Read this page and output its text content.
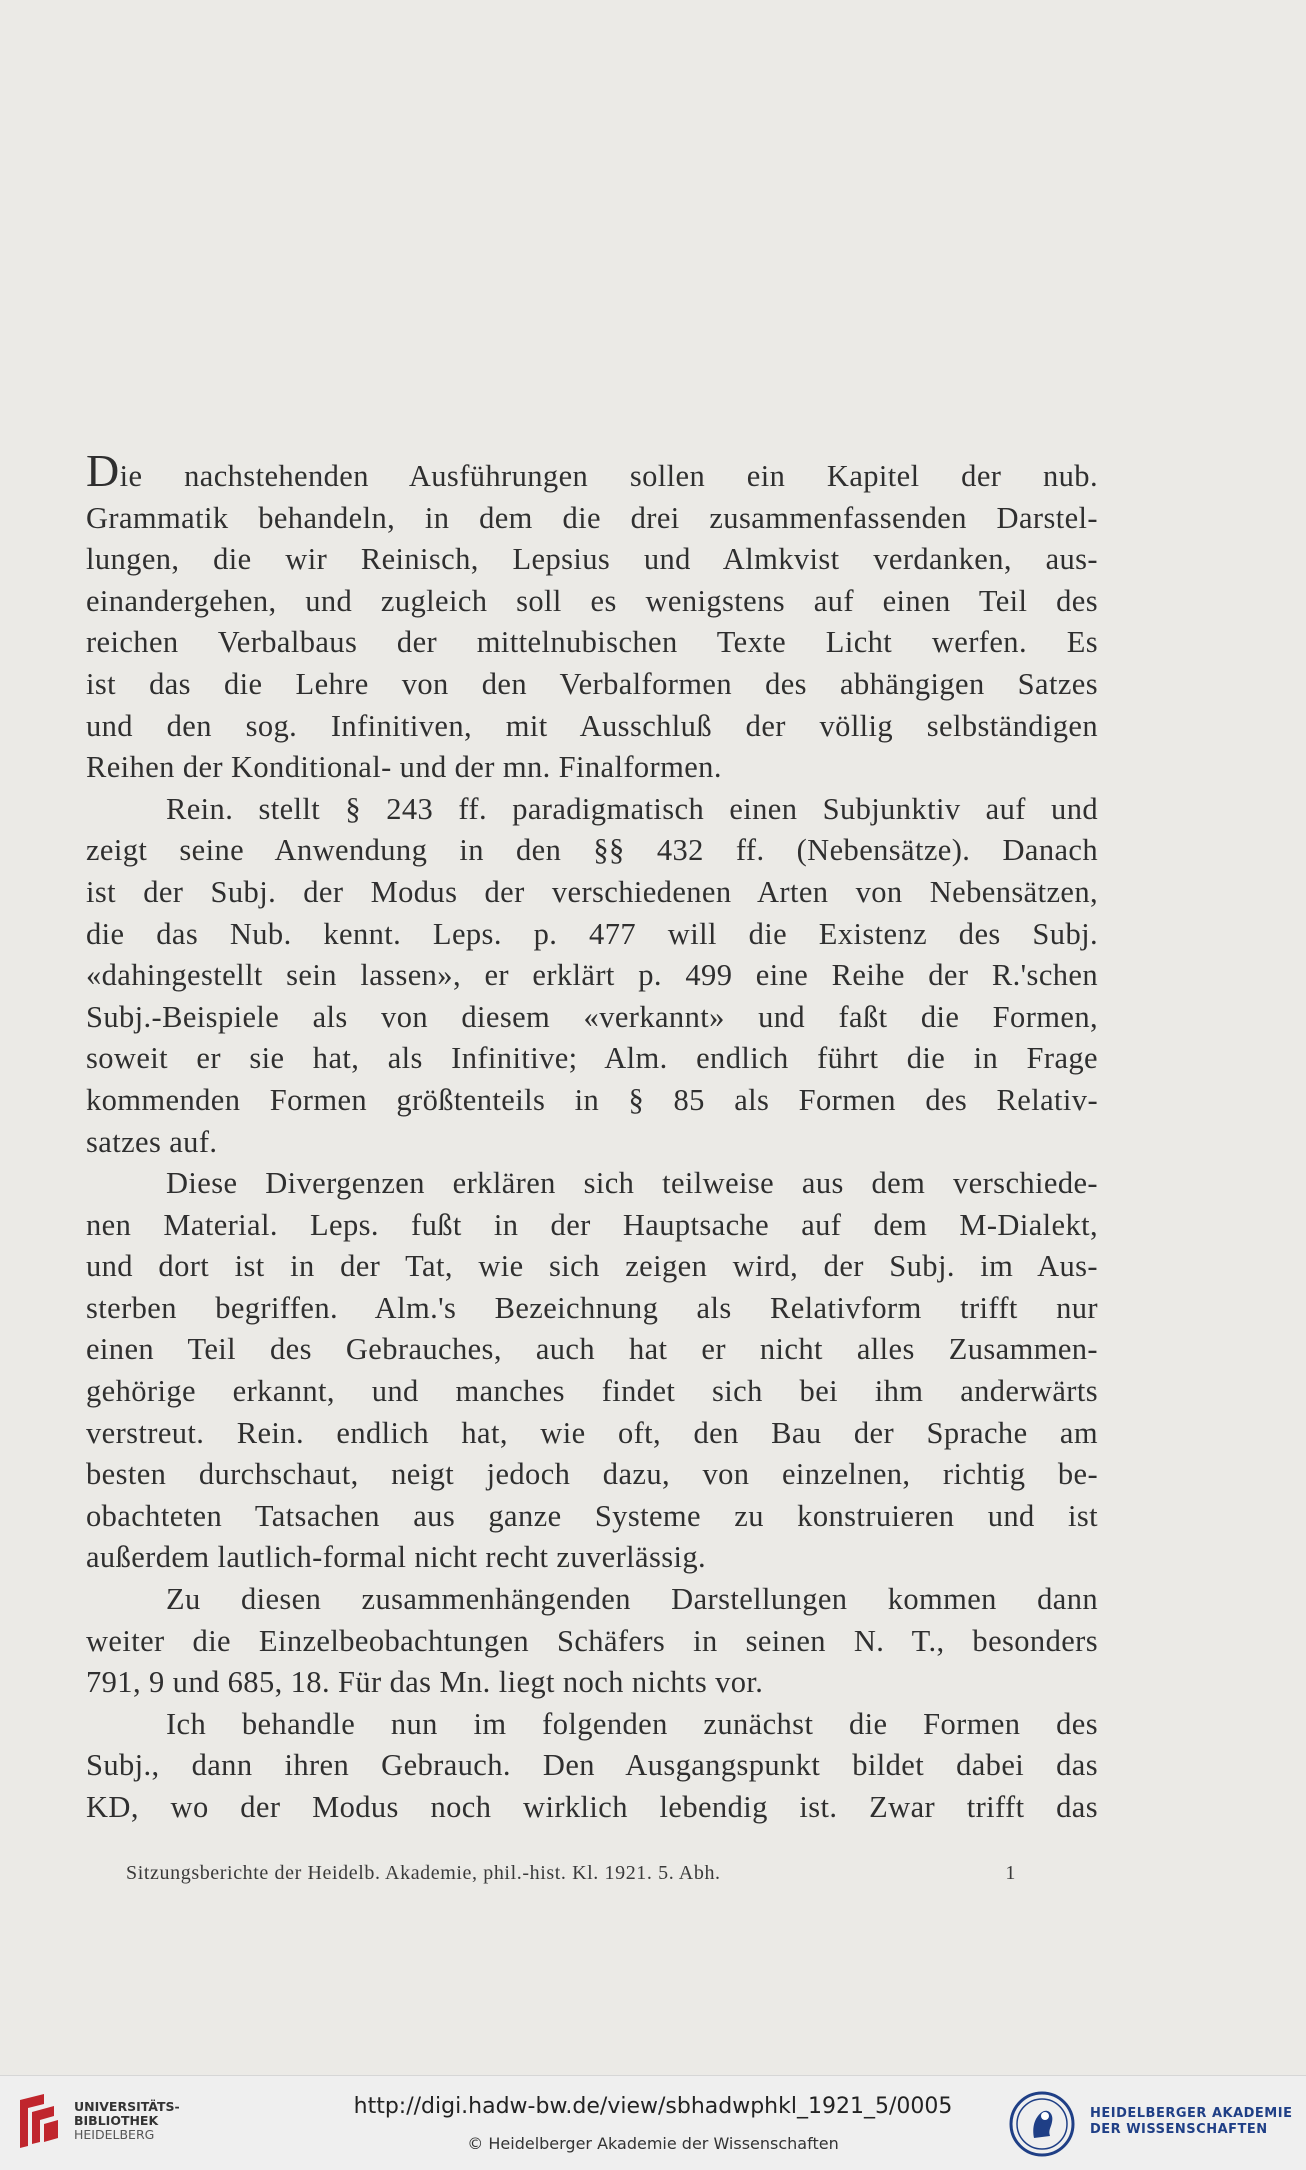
Die nachstehenden Ausführungen sollen ein Kapitel der nub.
Grammatik behandeln, in dem die drei zusammenfassenden Darstel-
lungen, die wir Reinisch, Lepsius und Almkvist verdanken, aus-
einandergehen, und zugleich soll es wenigstens auf einen Teil des
reichen Verbalbaus der mittelnubischen Texte Licht werfen. Es
ist das die Lehre von den Verbalformen des abhängigen Satzes
und den sog. Infinitiven, mit Ausschluß der völlig selbständigen
Reihen der Konditional- und der mn. Finalformen.
Rein. stellt § 243 ff. paradigmatisch einen Subjunktiv auf und
zeigt seine Anwendung in den §§ 432 ff. (Nebensätze). Danach
ist der Subj. der Modus der verschiedenen Arten von Nebensätzen,
die das Nub. kennt. Leps. p. 477 will die Existenz des Subj.
«dahingestellt sein lassen», er erklärt p. 499 eine Reihe der R.'schen
Subj.-Beispiele als von diesem «verkannt» und faßt die Formen,
soweit er sie hat, als Infinitive; Alm. endlich führt die in Frage
kommenden Formen größtenteils in § 85 als Formen des Relativ-
satzes auf.
Diese Divergenzen erklären sich teilweise aus dem verschiede-
nen Material. Leps. fußt in der Hauptsache auf dem M-Dialekt,
und dort ist in der Tat, wie sich zeigen wird, der Subj. im Aus-
sterben begriffen. Alm.'s Bezeichnung als Relativform trifft nur
einen Teil des Gebrauches, auch hat er nicht alles Zusammen-
gehörige erkannt, und manches findet sich bei ihm anderwärts
verstreut. Rein. endlich hat, wie oft, den Bau der Sprache am
besten durchschaut, neigt jedoch dazu, von einzelnen, richtig be-
obachteten Tatsachen aus ganze Systeme zu konstruieren und ist
außerdem lautlich-formal nicht recht zuverlässig.
Zu diesen zusammenhängenden Darstellungen kommen dann
weiter die Einzelbeobachtungen Schäfers in seinen N. T., besonders
791, 9 und 685, 18. Für das Mn. liegt noch nichts vor.
Ich behandle nun im folgenden zunächst die Formen des
Subj., dann ihren Gebrauch. Den Ausgangspunkt bildet dabei das
KD, wo der Modus noch wirklich lebendig ist. Zwar trifft das
Sitzungsberichte der Heidelb. Akademie, phil.-hist. Kl. 1921. 5. Abh.	1
UNIVERSITÄTS-
BIBLIOTHEK
HEIDELBERG
http://digi.hadw-bw.de/view/sbhadwphkl_1921_5/0005
© Heidelberger Akademie der Wissenschaften
HEIDELBERGER AKADEMIE
DER WISSENSCHAFTEN
